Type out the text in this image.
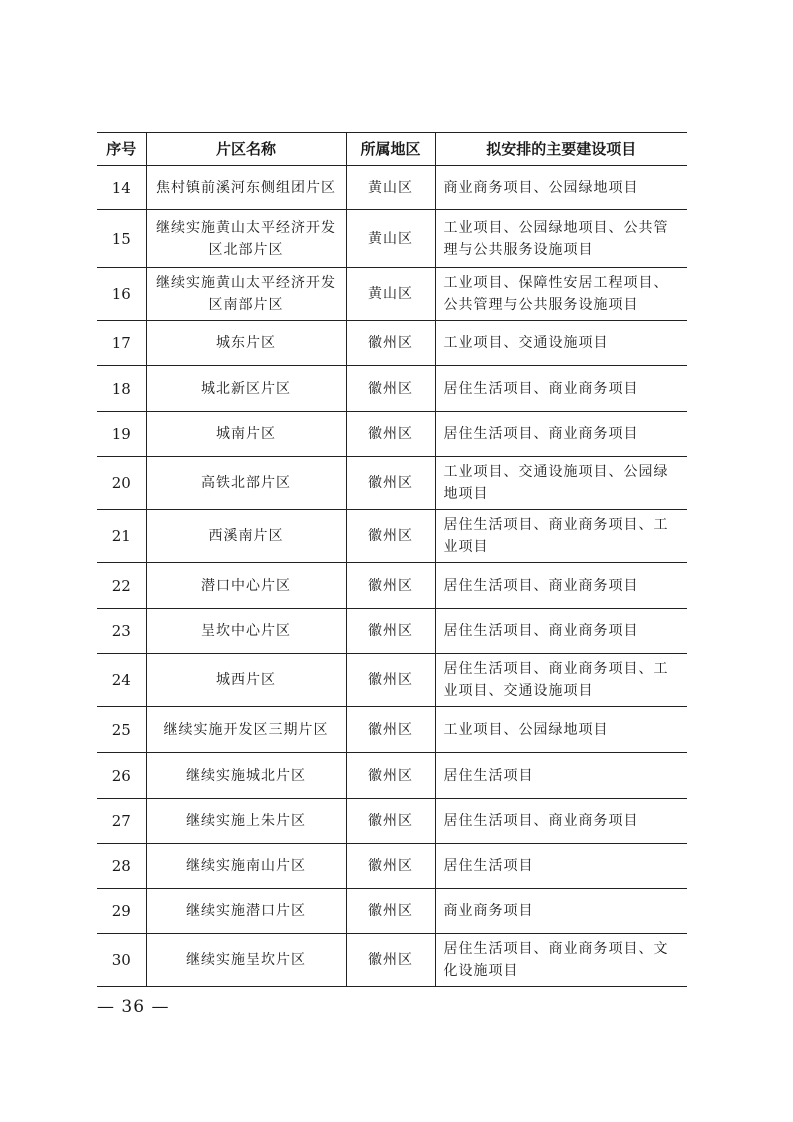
序号	片区名称	所属地区	拟安排的主要建设项目
14	焦村镇前溪河东侧组团片区	黄山区	商业商务项目、公园绿地项目
15	继续实施黄山太平经济开发区北部片区	黄山区	工业项目、公园绿地项目、公共管理与公共服务设施项目
16	继续实施黄山太平经济开发区南部片区	黄山区	工业项目、保障性安居工程项目、公共管理与公共服务设施项目
17	城东片区	徽州区	工业项目、交通设施项目
18	城北新区片区	徽州区	居住生活项目、商业商务项目
19	城南片区	徽州区	居住生活项目、商业商务项目
20	高铁北部片区	徽州区	工业项目、交通设施项目、公园绿地项目
21	西溪南片区	徽州区	居住生活项目、商业商务项目、工业项目
22	潜口中心片区	徽州区	居住生活项目、商业商务项目
23	呈坎中心片区	徽州区	居住生活项目、商业商务项目
24	城西片区	徽州区	居住生活项目、商业商务项目、工业项目、交通设施项目
25	继续实施开发区三期片区	徽州区	工业项目、公园绿地项目
26	继续实施城北片区	徽州区	居住生活项目
27	继续实施上朱片区	徽州区	居住生活项目、商业商务项目
28	继续实施南山片区	徽州区	居住生活项目
29	继续实施潜口片区	徽州区	商业商务项目
30	继续实施呈坎片区	徽州区	居住生活项目、商业商务项目、文化设施项目
— 36 —
